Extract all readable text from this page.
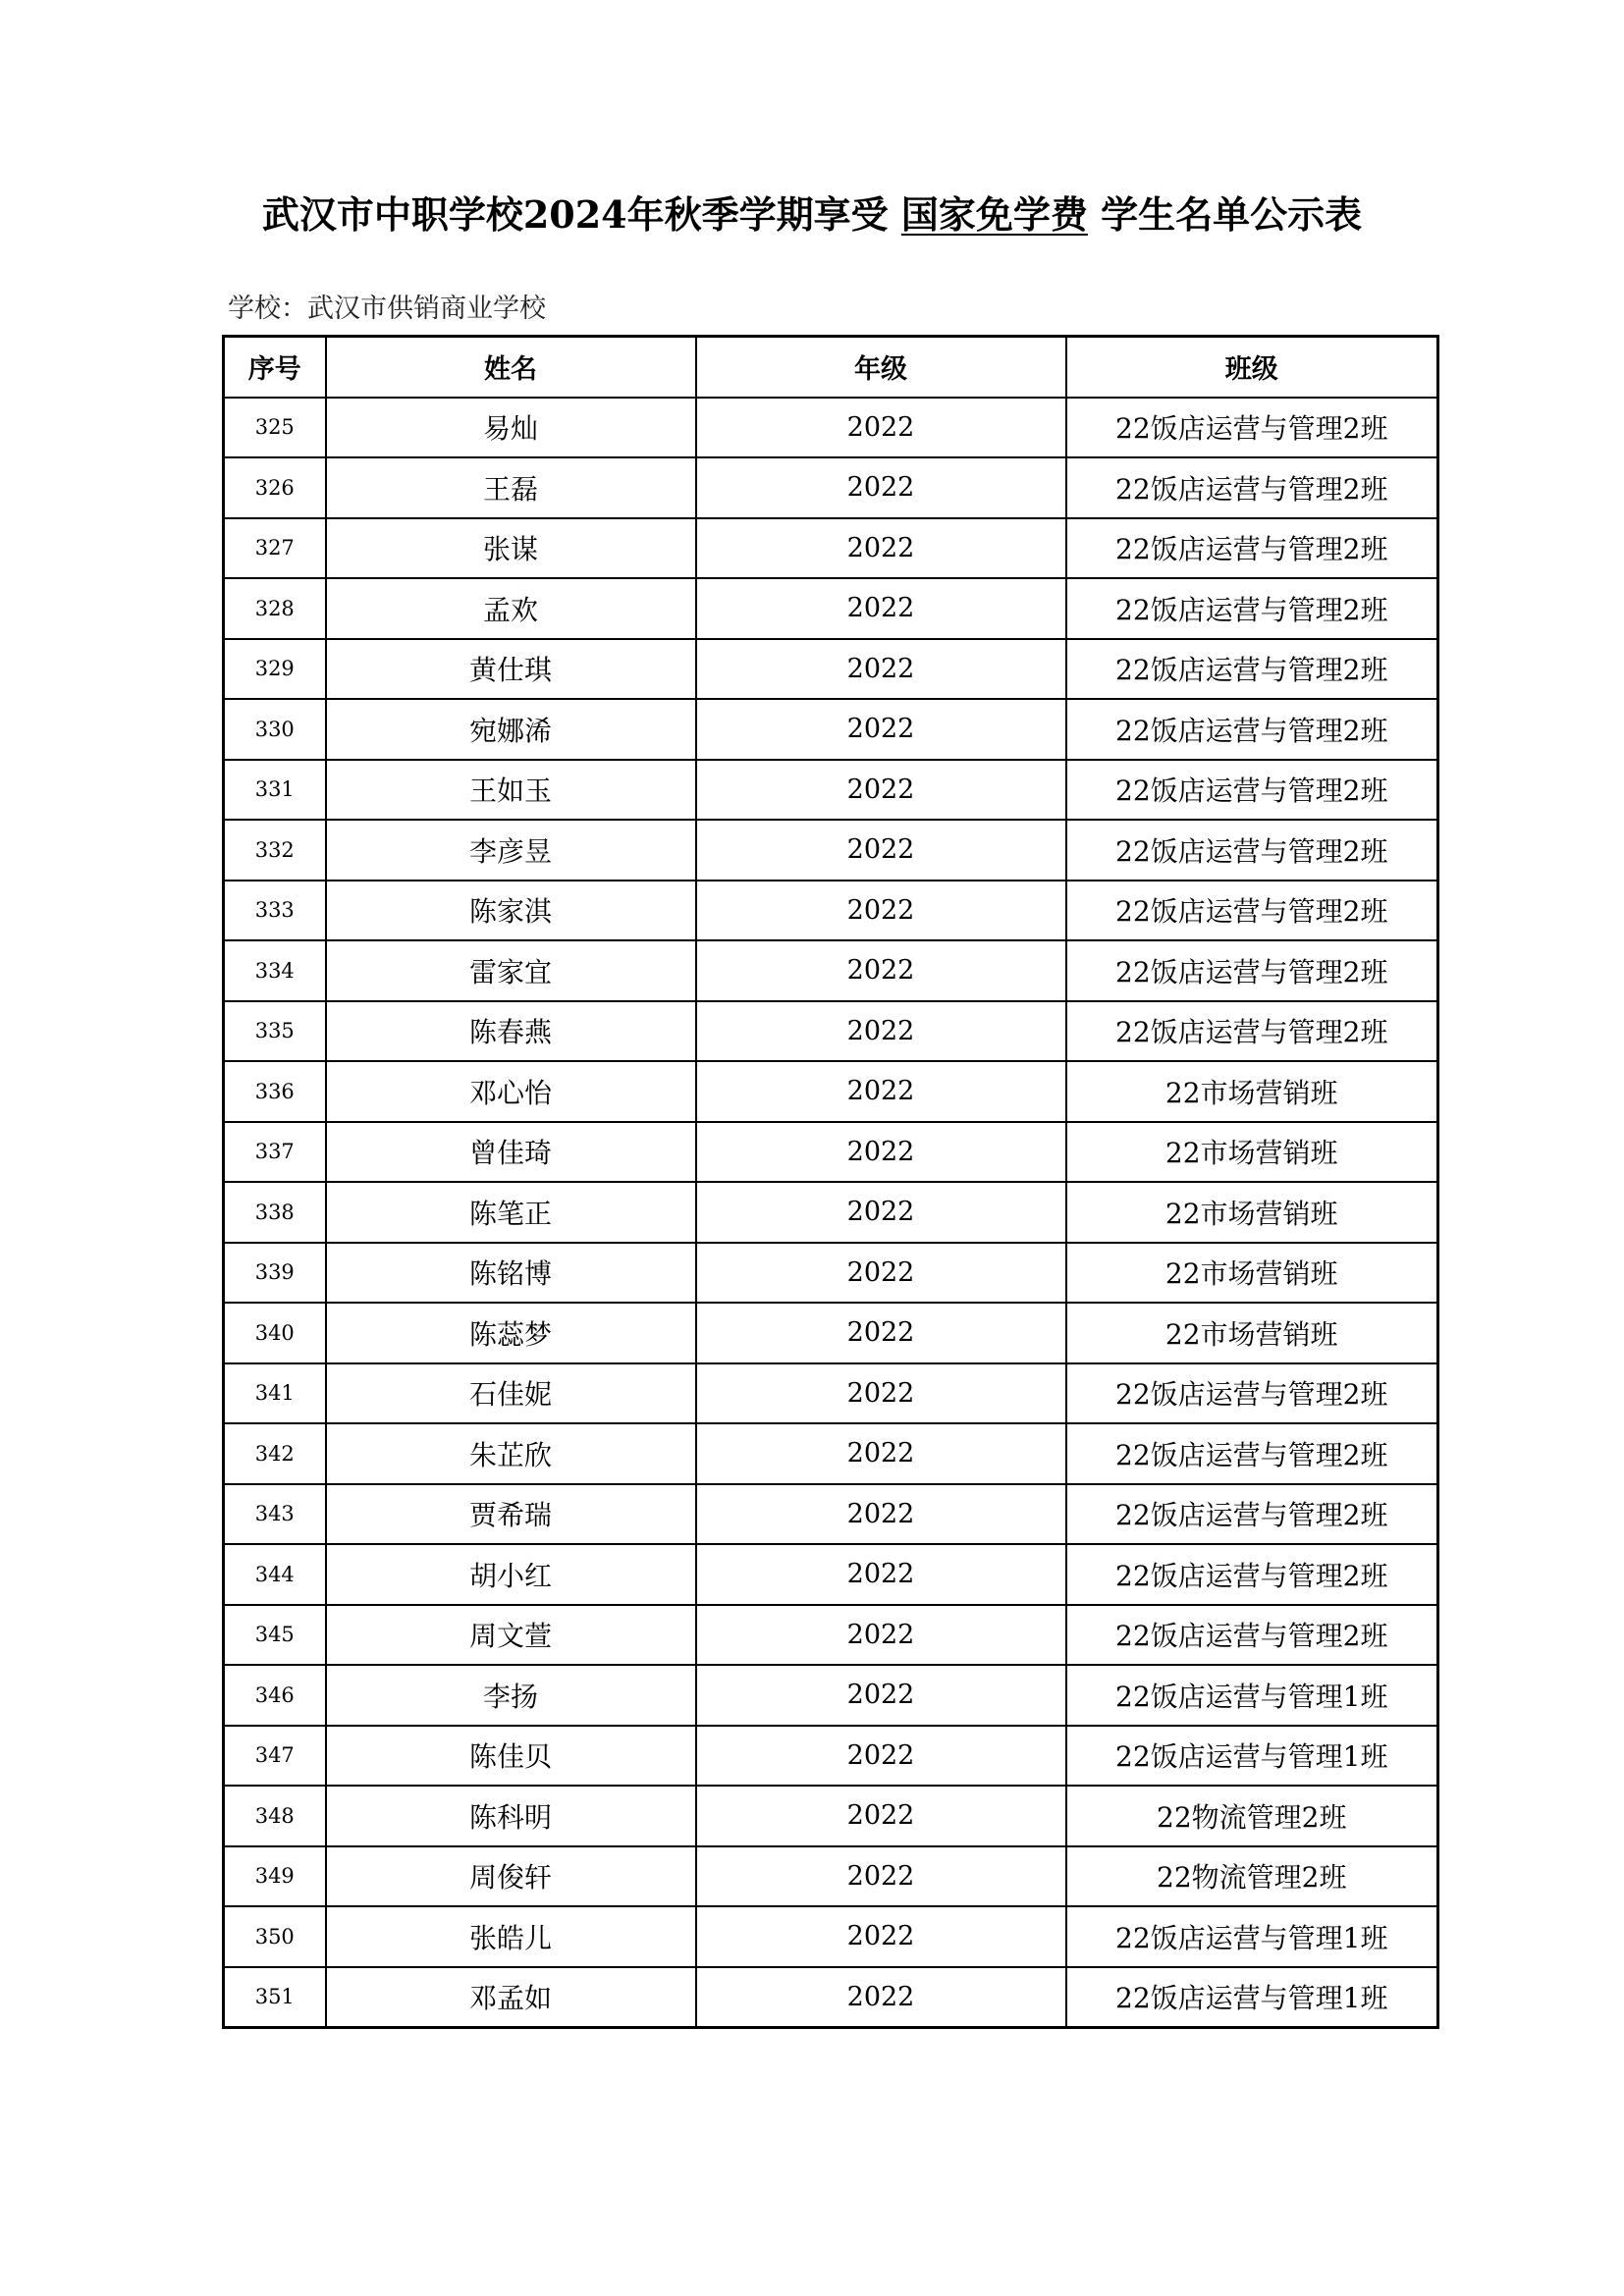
武汉市中职学校2024年秋季学期享受 国家免学费 学生名单公示表
学校：武汉市供销商业学校
序号	姓名	年级	班级
325	易灿	2022	22饭店运营与管理2班
326	王磊	2022	22饭店运营与管理2班
327	张谋	2022	22饭店运营与管理2班
328	孟欢	2022	22饭店运营与管理2班
329	黄仕琪	2022	22饭店运营与管理2班
330	宛娜浠	2022	22饭店运营与管理2班
331	王如玉	2022	22饭店运营与管理2班
332	李彦昱	2022	22饭店运营与管理2班
333	陈家淇	2022	22饭店运营与管理2班
334	雷家宜	2022	22饭店运营与管理2班
335	陈春燕	2022	22饭店运营与管理2班
336	邓心怡	2022	22市场营销班
337	曾佳琦	2022	22市场营销班
338	陈笔正	2022	22市场营销班
339	陈铭博	2022	22市场营销班
340	陈蕊梦	2022	22市场营销班
341	石佳妮	2022	22饭店运营与管理2班
342	朱芷欣	2022	22饭店运营与管理2班
343	贾希瑞	2022	22饭店运营与管理2班
344	胡小红	2022	22饭店运营与管理2班
345	周文萱	2022	22饭店运营与管理2班
346	李扬	2022	22饭店运营与管理1班
347	陈佳贝	2022	22饭店运营与管理1班
348	陈科明	2022	22物流管理2班
349	周俊轩	2022	22物流管理2班
350	张皓儿	2022	22饭店运营与管理1班
351	邓孟如	2022	22饭店运营与管理1班
